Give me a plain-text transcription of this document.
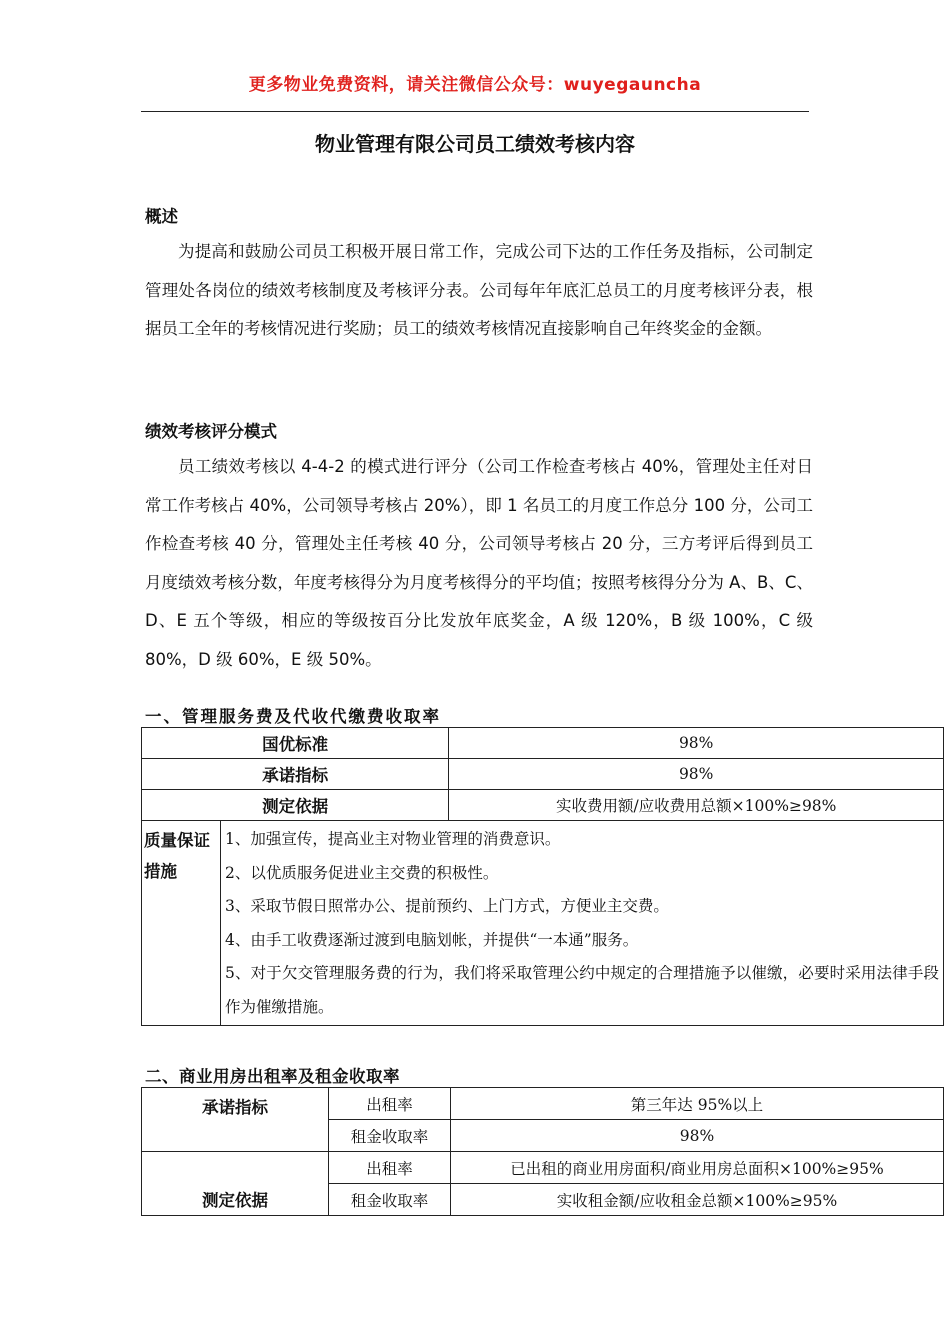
更多物业免费资料，请关注微信公众号：wuyegauncha
物业管理有限公司员工绩效考核内容
概述

为提高和鼓励公司员工积极开展日常工作，完成公司下达的工作任务及指标，公司制定管理处各岗位的绩效考核制度及考核评分表。公司每年年底汇总员工的月度考核评分表，根据员工全年的考核情况进行奖励；员工的绩效考核情况直接影响自己年终奖金的金额。

绩效考核评分模式

员工绩效考核以 4-4-2 的模式进行评分（公司工作检查考核占 40%，管理处主任对日常工作考核占 40%，公司领导考核占 20%），即 1 名员工的月度工作总分 100 分，公司工作检查考核 40 分，管理处主任考核 40 分，公司领导考核占 20 分，三方考评后得到员工月度绩效考核分数，年度考核得分为月度考核得分的平均值；按照考核得分分为 A、B、C、D、E 五个等级，相应的等级按百分比发放年底奖金，A 级 120%，B 级 100%，C 级 80%，D 级 60%，E 级 50%。

一、管理服务费及代收代缴费收取率
国优标准		98%
承诺指标		98%
测定依据		实收费用额/应收费用总额×100%≥98%
质量保证措施	1、加强宣传，提高业主对物业管理的消费意识。

2、以优质服务促进业主交费的积极性。

3、采取节假日照常办公、提前预约、上门方式，方便业主交费。

4、由手工收费逐渐过渡到电脑划帐，并提供“一本通”服务。

5、对于欠交管理服务费的行为，我们将采取管理公约中规定的合理措施予以催缴，必要时采用法律手段作为催缴措施。	

二、商业用房出租率及租金收取率
承诺指标	出租率	第三年达 95%以上
	租金收取率	98%
测定依据	出租率	已出租的商业用房面积/商业用房总面积×100%≥95%
	租金收取率	实收租金额/应收租金总额×100%≥95%
